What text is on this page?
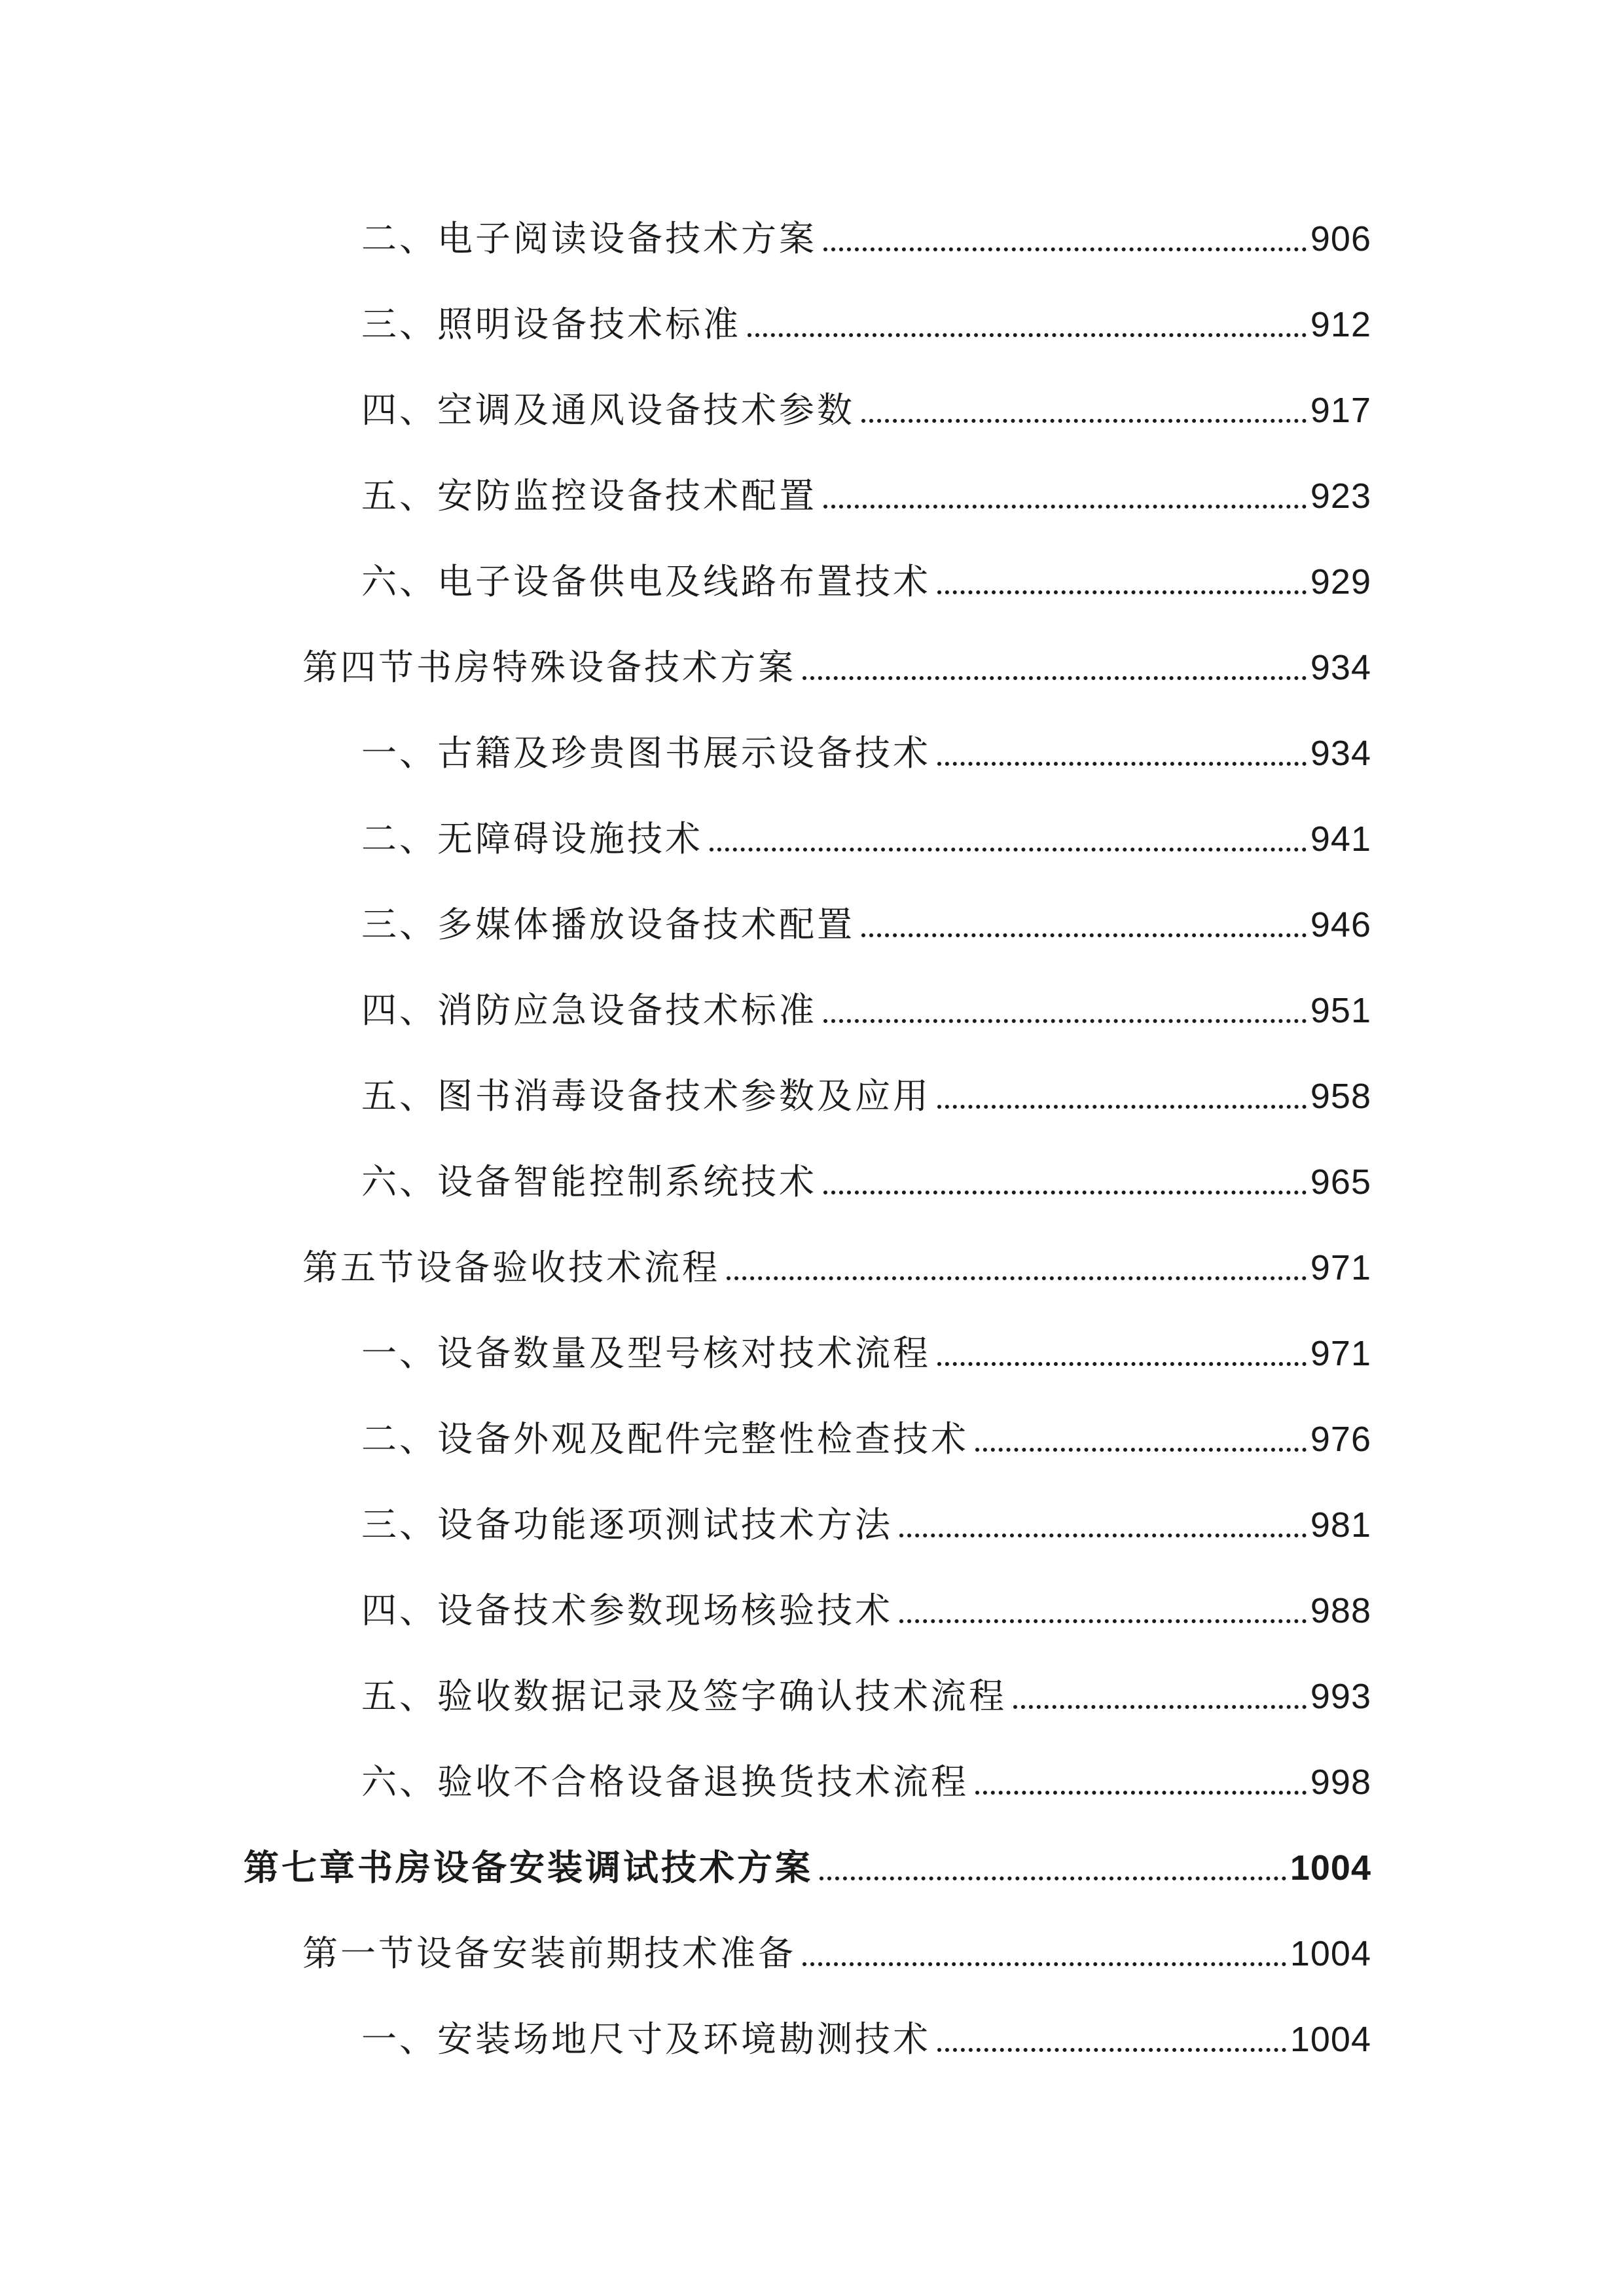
二、电子阅读设备技术方案	906
三、照明设备技术标准	912
四、空调及通风设备技术参数	917
五、安防监控设备技术配置	923
六、电子设备供电及线路布置技术	929
第四节书房特殊设备技术方案	934
一、古籍及珍贵图书展示设备技术	934
二、无障碍设施技术	941
三、多媒体播放设备技术配置	946
四、消防应急设备技术标准	951
五、图书消毒设备技术参数及应用	958
六、设备智能控制系统技术	965
第五节设备验收技术流程	971
一、设备数量及型号核对技术流程	971
二、设备外观及配件完整性检查技术	976
三、设备功能逐项测试技术方法	981
四、设备技术参数现场核验技术	988
五、验收数据记录及签字确认技术流程	993
六、验收不合格设备退换货技术流程	998
第七章书房设备安装调试技术方案	1004
第一节设备安装前期技术准备	1004
一、安装场地尺寸及环境勘测技术	1004
